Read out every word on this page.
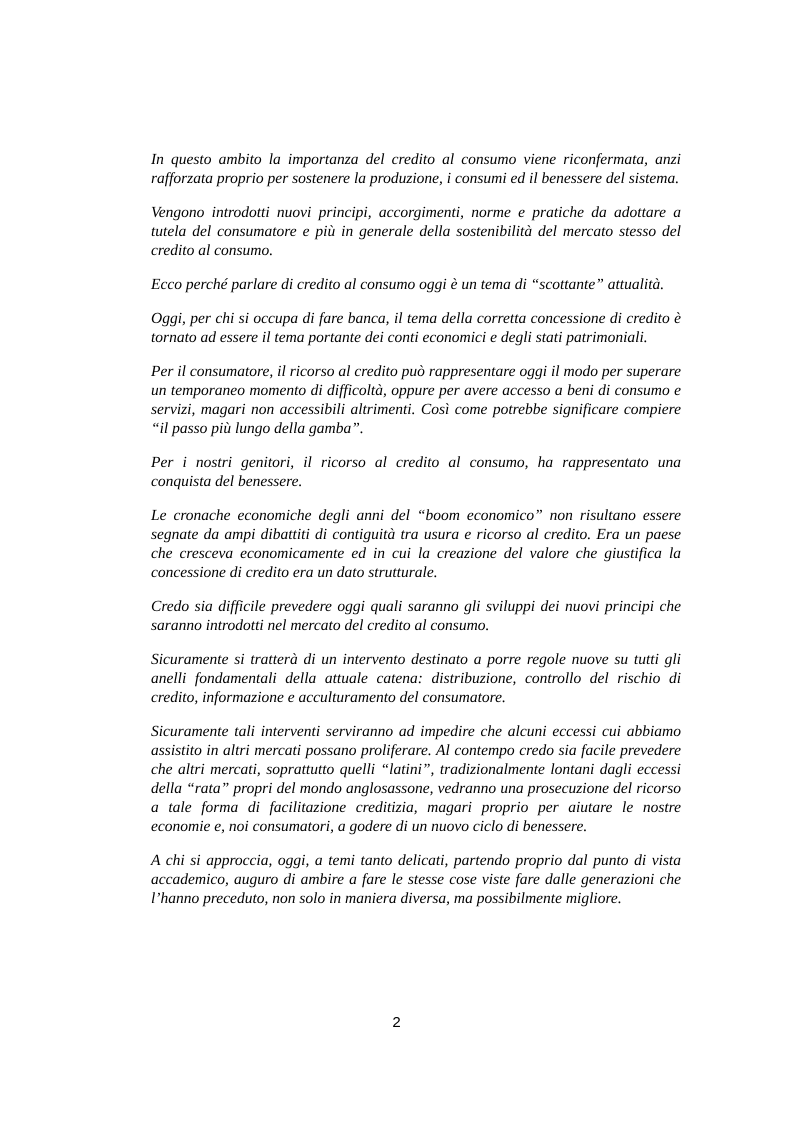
In questo ambito la importanza del credito al consumo viene riconfermata, anzi rafforzata proprio per sostenere la produzione, i consumi ed il benessere del sistema.

Vengono introdotti nuovi principi, accorgimenti, norme e pratiche da adottare a tutela del consumatore e più in generale della sostenibilità del mercato stesso del credito al consumo.

Ecco perché parlare di credito al consumo oggi è un tema di “scottante” attualità.

Oggi, per chi si occupa di fare banca, il tema della corretta concessione di credito è tornato ad essere il tema portante dei conti economici e degli stati patrimoniali.

Per il consumatore, il ricorso al credito può rappresentare oggi il modo per superare un temporaneo momento di difficoltà, oppure per avere accesso a beni di consumo e servizi, magari non accessibili altrimenti. Così come potrebbe significare compiere “il passo più lungo della gamba”.

Per i nostri genitori, il ricorso al credito al consumo, ha rappresentato una conquista del benessere.

Le cronache economiche degli anni del “boom economico” non risultano essere segnate da ampi dibattiti di contiguità tra usura e ricorso al credito. Era un paese che cresceva economicamente ed in cui la creazione del valore che giustifica la concessione di credito era un dato strutturale.

Credo sia difficile prevedere oggi quali saranno gli sviluppi dei nuovi principi che saranno introdotti nel mercato del credito al consumo.

Sicuramente si tratterà di un intervento destinato a porre regole nuove su tutti gli anelli fondamentali della attuale catena: distribuzione, controllo del rischio di credito, informazione e acculturamento del consumatore.

Sicuramente tali interventi serviranno ad impedire che alcuni eccessi cui abbiamo assistito in altri mercati possano proliferare. Al contempo credo sia facile prevedere che altri mercati, soprattutto quelli “latini”, tradizionalmente lontani dagli eccessi della “rata” propri del mondo anglosassone, vedranno una prosecuzione del ricorso a tale forma di facilitazione creditizia, magari proprio per aiutare le nostre economie e, noi consumatori, a godere di un nuovo ciclo di benessere.

A chi si approccia, oggi, a temi tanto delicati, partendo proprio dal punto di vista accademico, auguro di ambire a fare le stesse cose viste fare dalle generazioni che l’hanno preceduto, non solo in maniera diversa, ma possibilmente migliore.

2
